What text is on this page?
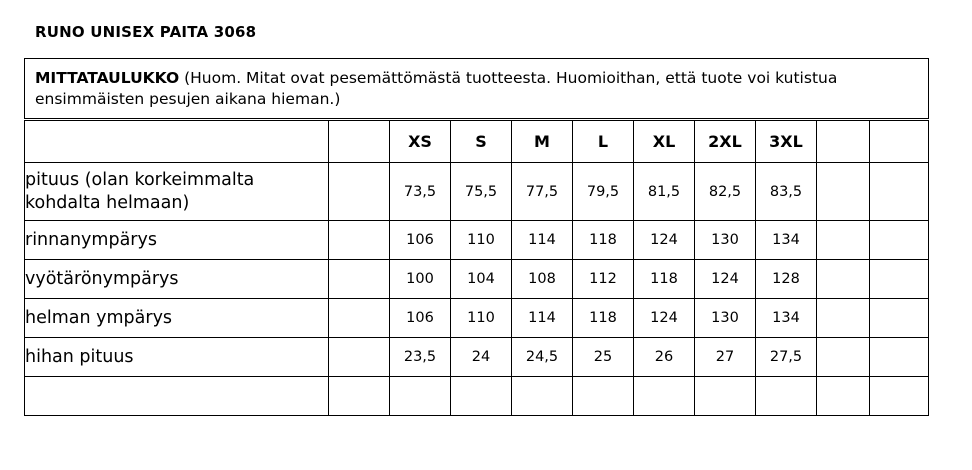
RUNO UNISEX PAITA 3068
MITTATAULUKKO (Huom. Mitat ovat pesemättömästä tuotteesta. Huomioithan, että tuote voi kutistua ensimmäisten pesujen aikana hieman.)
		XS	S	M	L	XL	2XL	3XL		
pituus (olan korkeimmalta kohdalta helmaan)		73,5	75,5	77,5	79,5	81,5	82,5	83,5		
rinnanympärys		106	110	114	118	124	130	134		
vyötärönympärys		100	104	108	112	118	124	128		
helman ympärys		106	110	114	118	124	130	134		
hihan pituus		23,5	24	24,5	25	26	27	27,5		
